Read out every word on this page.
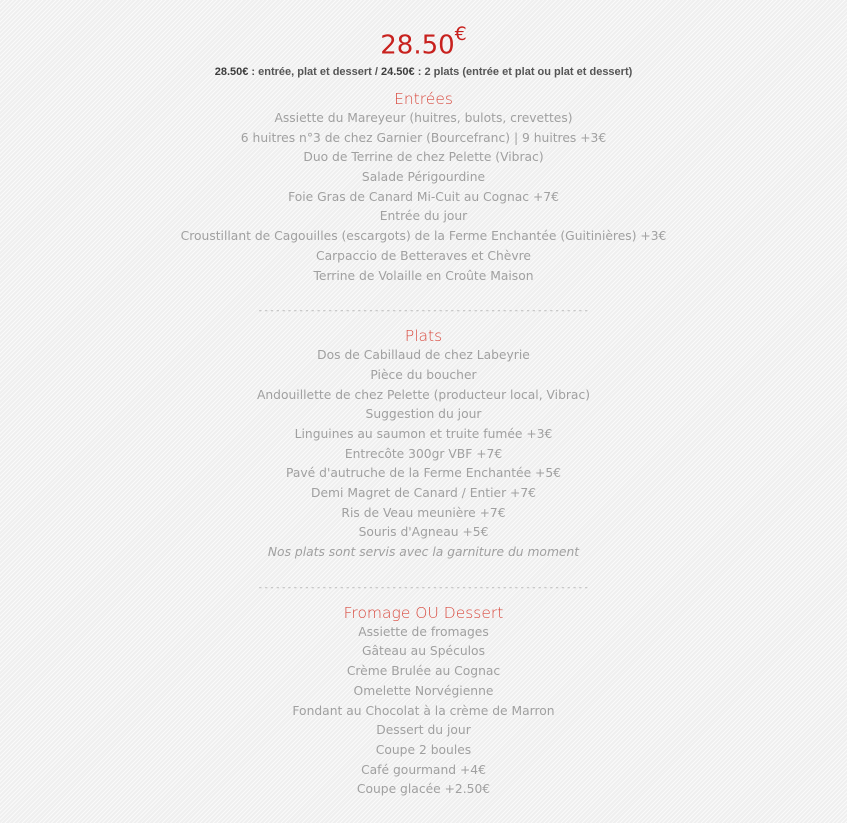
28.50€
28.50€ : entrée, plat et dessert / 24.50€ : 2 plats (entrée et plat ou plat et dessert)
Entrées
Assiette du Mareyeur (huitres, bulots, crevettes)
6 huitres n°3 de chez Garnier (Bourcefranc) | 9 huitres +3€
Duo de Terrine de chez Pelette (Vibrac)
Salade Périgourdine
Foie Gras de Canard Mi-Cuit au Cognac +7€
Entrée du jour
Croustillant de Cagouilles (escargots) de la Ferme Enchantée (Guitinières) +3€
Carpaccio de Betteraves et Chèvre
Terrine de Volaille en Croûte Maison
---------------------------------------------------------
Plats
Dos de Cabillaud de chez Labeyrie
Pièce du boucher
Andouillette de chez Pelette (producteur local, Vibrac)
Suggestion du jour
Linguines au saumon et truite fumée +3€
Entrecôte 300gr VBF +7€
Pavé d'autruche de la Ferme Enchantée +5€
Demi Magret de Canard / Entier +7€
Ris de Veau meunière +7€
Souris d'Agneau +5€
Nos plats sont servis avec la garniture du moment
---------------------------------------------------------
Fromage OU Dessert
Assiette de fromages
Gâteau au Spéculos
Crème Brulée au Cognac
Omelette Norvégienne
Fondant au Chocolat à la crème de Marron
Dessert du jour
Coupe 2 boules
Café gourmand +4€
Coupe glacée +2.50€
